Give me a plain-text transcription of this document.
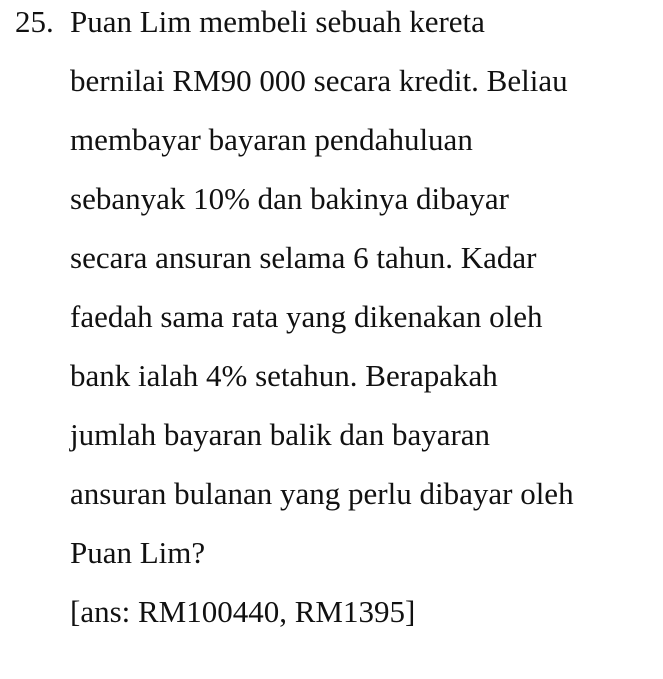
25. Puan Lim membeli sebuah kereta
bernilai RM90 000 secara kredit. Beliau
membayar bayaran pendahuluan
sebanyak 10% dan bakinya dibayar
secara ansuran selama 6 tahun. Kadar
faedah sama rata yang dikenakan oleh
bank ialah 4% setahun. Berapakah
jumlah bayaran balik dan bayaran
ansuran bulanan yang perlu dibayar oleh
Puan Lim?
[ans: RM100440, RM1395]
